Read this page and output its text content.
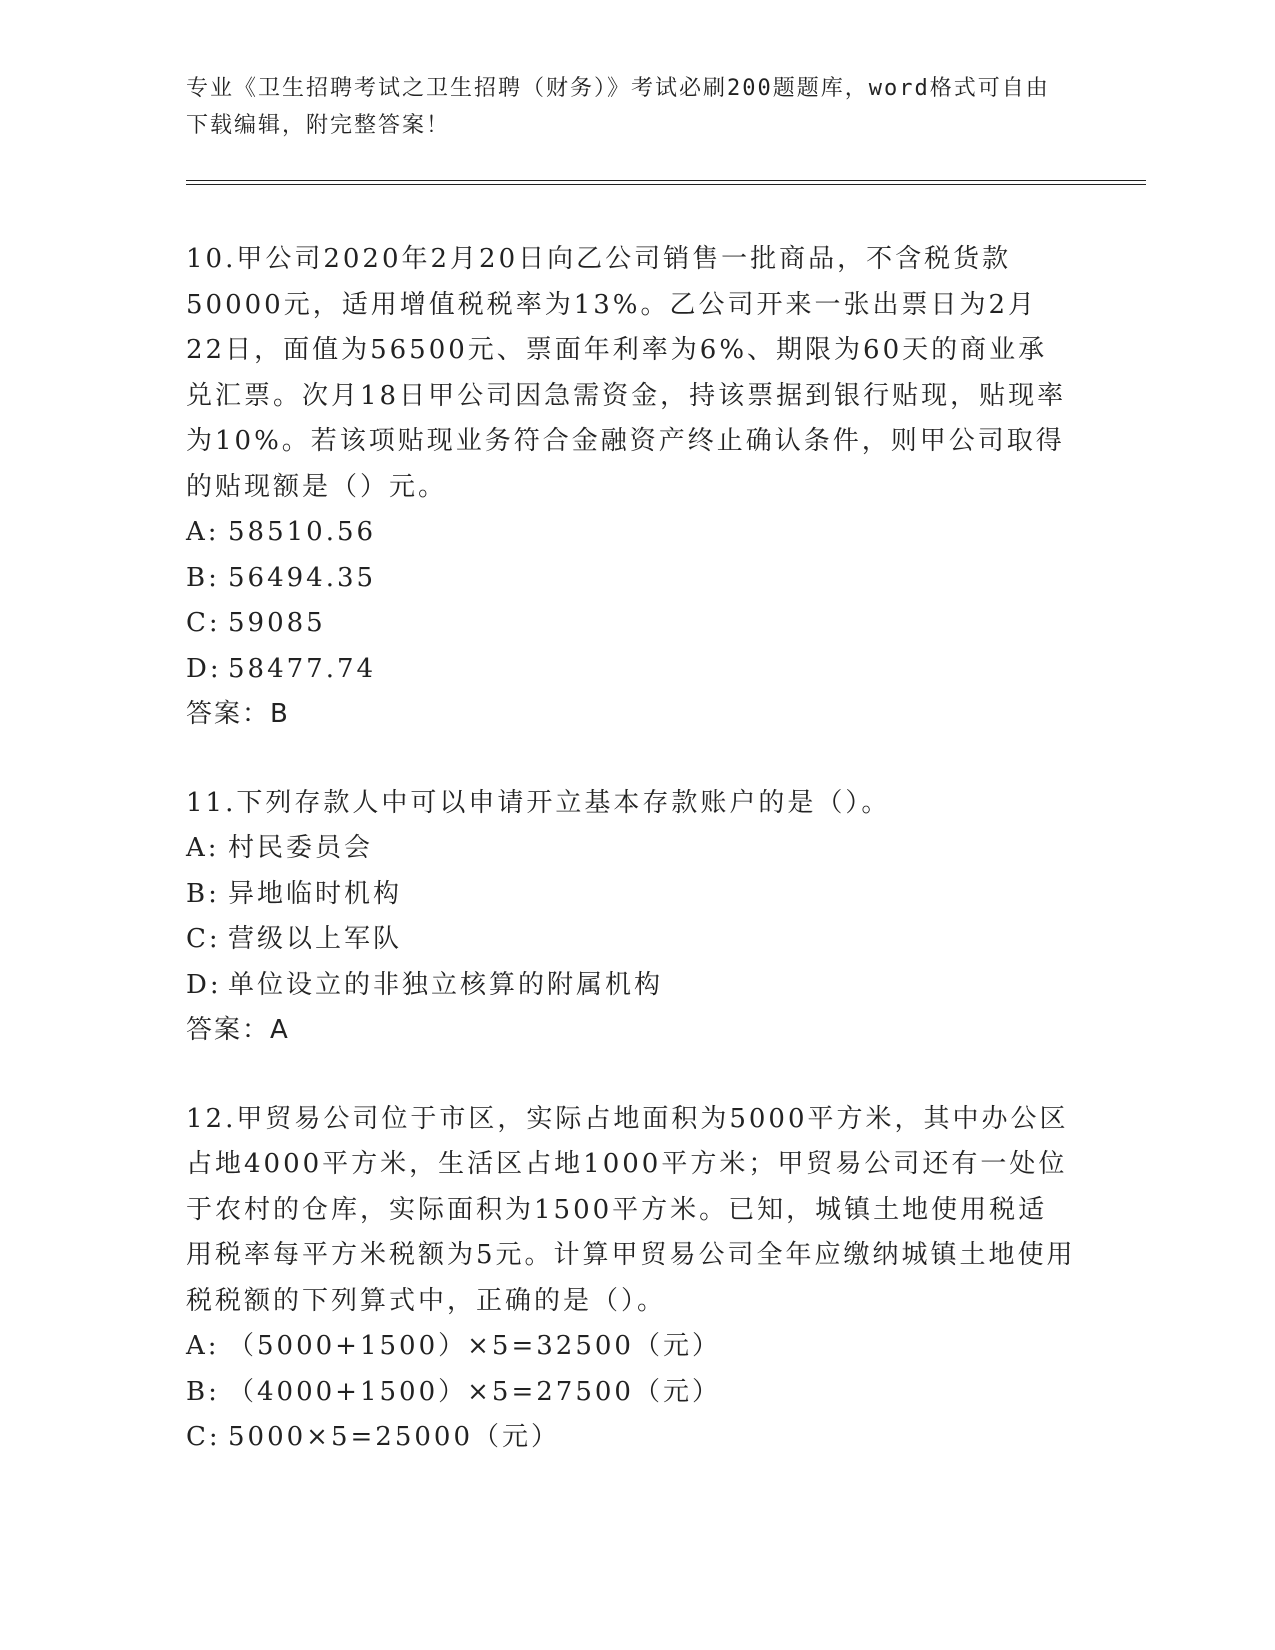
专业《卫生招聘考试之卫生招聘（财务）》考试必刷200题题库，word格式可自由下载编辑，附完整答案！

10.甲公司2020年2月20日向乙公司销售一批商品，不含税货款50000元，适用增值税税率为13%。乙公司开来一张出票日为2月22日，面值为56500元、票面年利率为6%、期限为60天的商业承兑汇票。次月18日甲公司因急需资金，持该票据到银行贴现，贴现率为10%。若该项贴现业务符合金融资产终止确认条件，则甲公司取得的贴现额是（）元。

A: 58510.56

B: 56494.35

C: 59085

D: 58477.74

答案：B

11.下列存款人中可以申请开立基本存款账户的是（）。

A: 村民委员会

B: 异地临时机构

C: 营级以上军队

D: 单位设立的非独立核算的附属机构

答案：A

12.甲贸易公司位于市区，实际占地面积为5000平方米，其中办公区占地4000平方米，生活区占地1000平方米；甲贸易公司还有一处位于农村的仓库，实际面积为1500平方米。已知，城镇土地使用税适用税率每平方米税额为5元。计算甲贸易公司全年应缴纳城镇土地使用税税额的下列算式中，正确的是（）。

A: （5000+1500）×5=32500（元）

B: （4000+1500）×5=27500（元）

C: 5000×5=25000（元）
